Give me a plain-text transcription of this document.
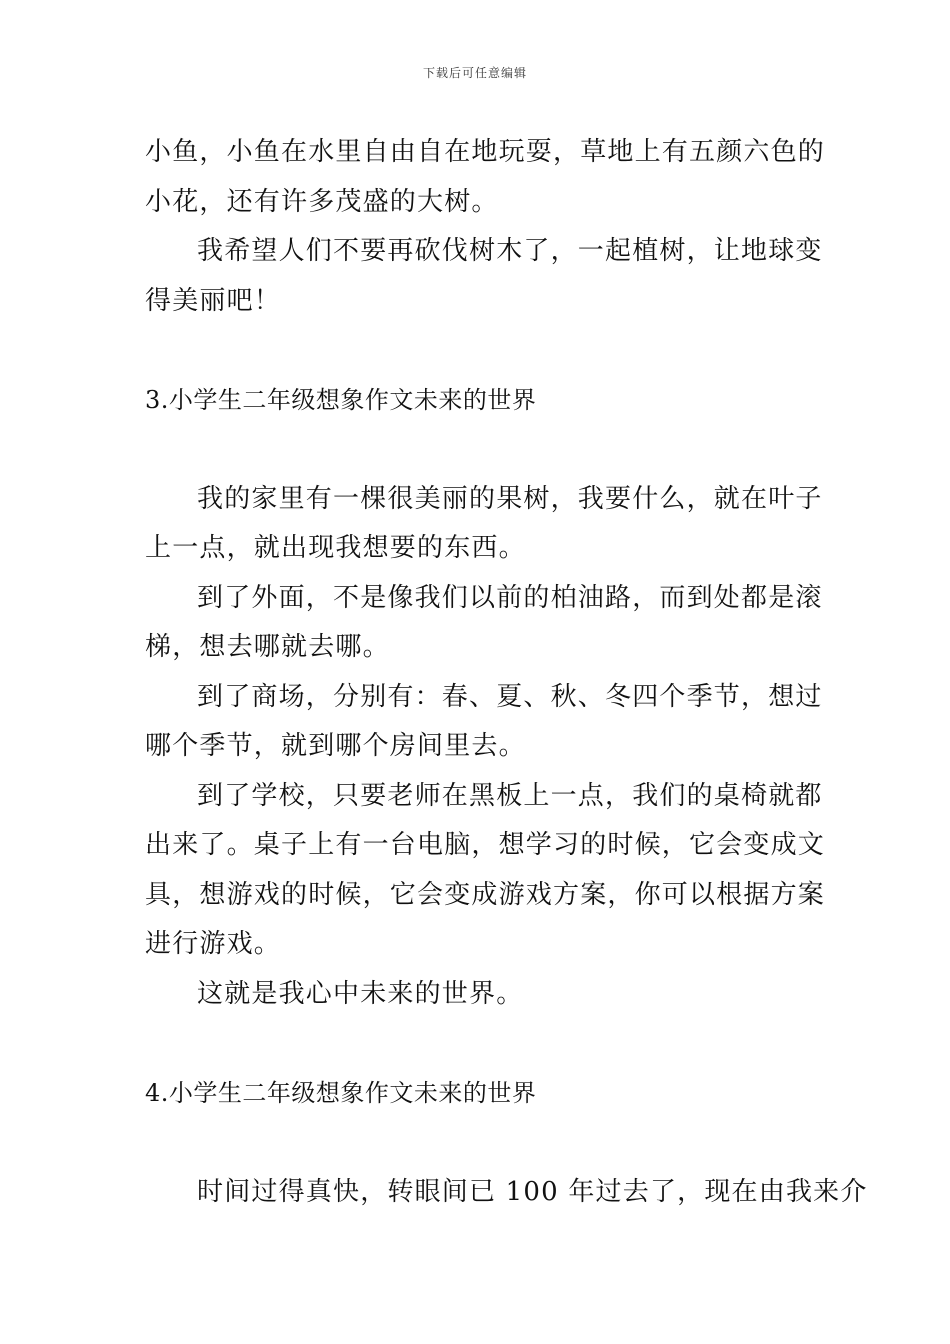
下载后可任意编辑
小鱼，小鱼在水里自由自在地玩耍，草地上有五颜六色的
小花，还有许多茂盛的大树。
我希望人们不要再砍伐树木了，一起植树，让地球变
得美丽吧！
3.小学生二年级想象作文未来的世界
我的家里有一棵很美丽的果树，我要什么，就在叶子
上一点，就出现我想要的东西。
到了外面，不是像我们以前的柏油路，而到处都是滚
梯，想去哪就去哪。
到了商场，分别有：春、夏、秋、冬四个季节，想过
哪个季节，就到哪个房间里去。
到了学校，只要老师在黑板上一点，我们的桌椅就都
出来了。桌子上有一台电脑，想学习的时候，它会变成文
具，想游戏的时候，它会变成游戏方案，你可以根据方案
进行游戏。
这就是我心中未来的世界。
4.小学生二年级想象作文未来的世界
时间过得真快，转眼间已 100 年过去了，现在由我来介
